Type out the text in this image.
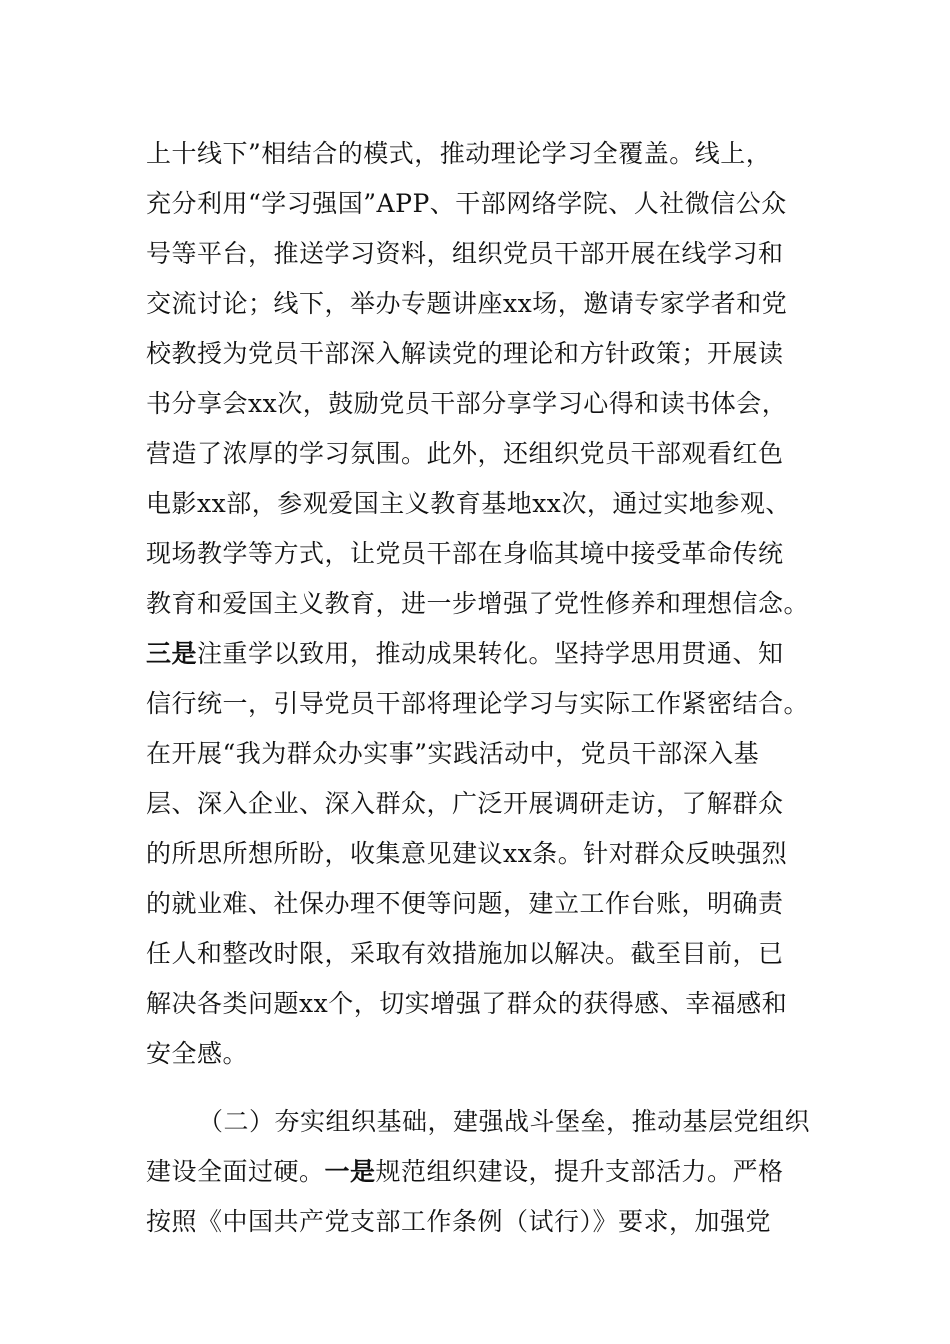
上十线下”相结合的模式，推动理论学习全覆盖。线上，
充分利用“学习强国”APP、干部网络学院、人社微信公众
号等平台，推送学习资料，组织党员干部开展在线学习和
交流讨论；线下，举办专题讲座xx场，邀请专家学者和党
校教授为党员干部深入解读党的理论和方针政策；开展读
书分享会xx次，鼓励党员干部分享学习心得和读书体会，
营造了浓厚的学习氛围。此外，还组织党员干部观看红色
电影xx部，参观爱国主义教育基地xx次，通过实地参观、
现场教学等方式，让党员干部在身临其境中接受革命传统
教育和爱国主义教育，进一步增强了党性修养和理想信念。
三是注重学以致用，推动成果转化。坚持学思用贯通、知
信行统一，引导党员干部将理论学习与实际工作紧密结合。
在开展“我为群众办实事”实践活动中，党员干部深入基
层、深入企业、深入群众，广泛开展调研走访，了解群众
的所思所想所盼，收集意见建议xx条。针对群众反映强烈
的就业难、社保办理不便等问题，建立工作台账，明确责
任人和整改时限，采取有效措施加以解决。截至目前，已
解决各类问题xx个，切实增强了群众的获得感、幸福感和
安全感。
（二）夯实组织基础，建强战斗堡垒，推动基层党组织
建设全面过硬。一是规范组织建设，提升支部活力。严格
按照《中国共产党支部工作条例（试行）》要求，加强党
